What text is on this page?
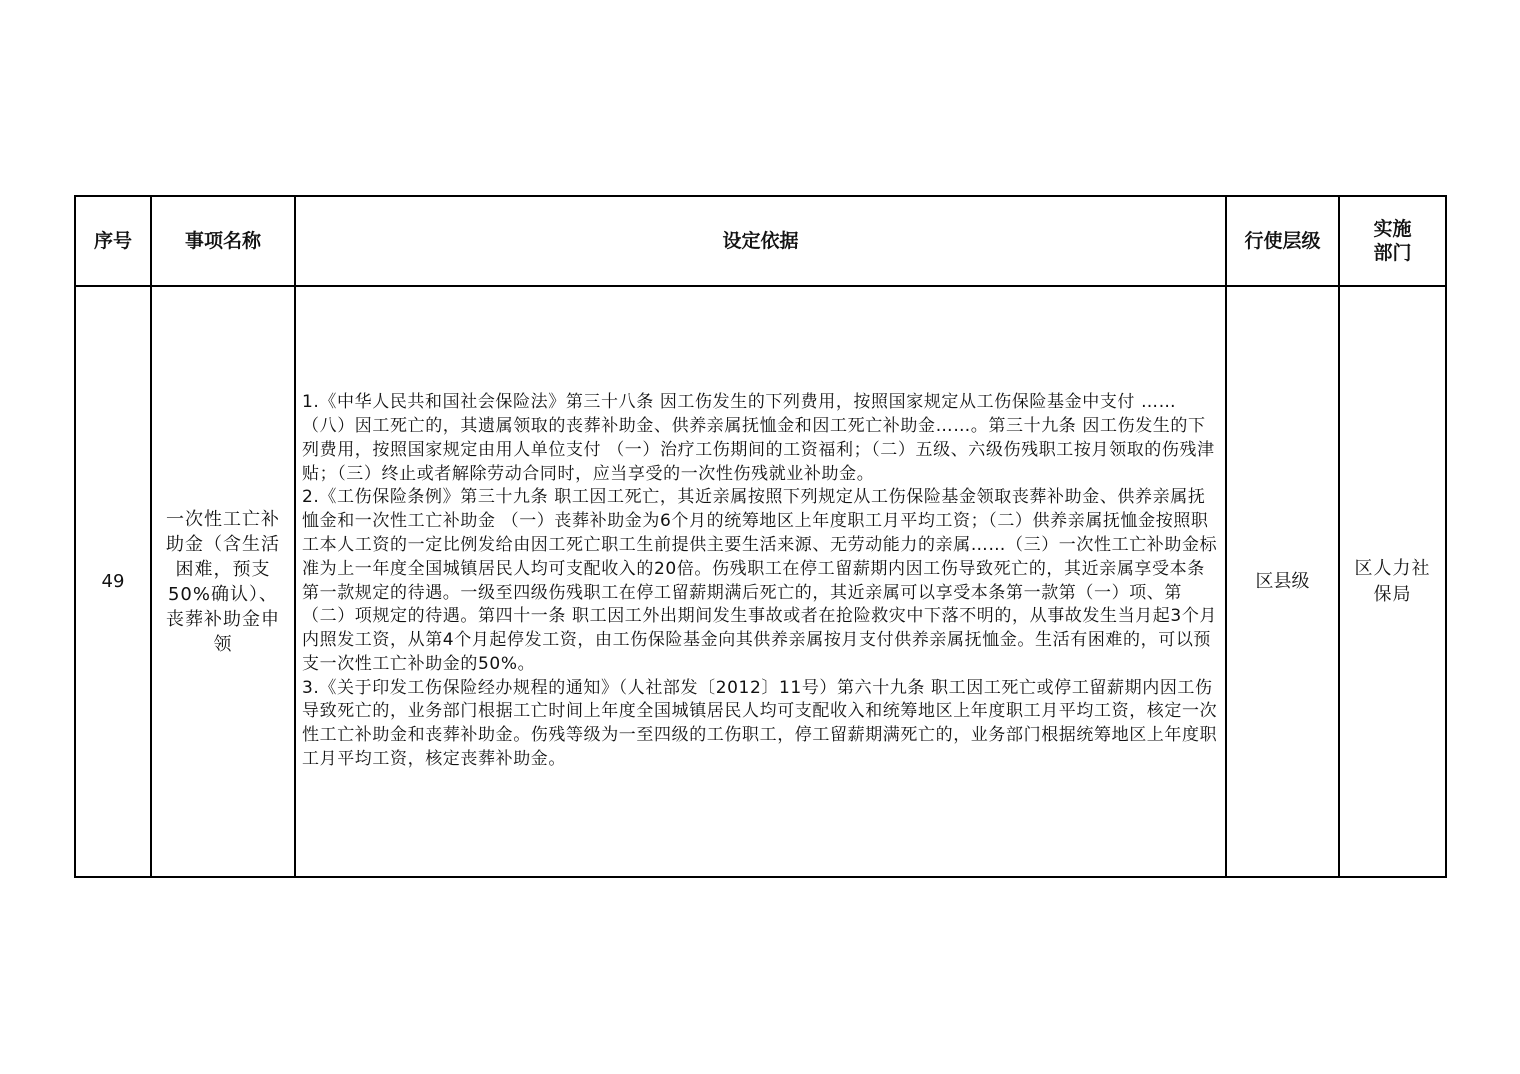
序号	事项名称	设定依据	行使层级	实施
部门

49	一次性工亡补助金（含生活困难，预支50%确认）、丧葬补助金申领	1.《中华人民共和国社会保险法》第三十八条 因工伤发生的下列费用，按照国家规定从工伤保险基金中支付 ……（八）因工死亡的，其遗属领取的丧葬补助金、供养亲属抚恤金和因工死亡补助金……。第三十九条 因工伤发生的下列费用，按照国家规定由用人单位支付 （一）治疗工伤期间的工资福利；（二）五级、六级伤残职工按月领取的伤残津贴；（三）终止或者解除劳动合同时，应当享受的一次性伤残就业补助金。
2.《工伤保险条例》第三十九条 职工因工死亡，其近亲属按照下列规定从工伤保险基金领取丧葬补助金、供养亲属抚恤金和一次性工亡补助金 （一）丧葬补助金为6个月的统筹地区上年度职工月平均工资；（二）供养亲属抚恤金按照职工本人工资的一定比例发给由因工死亡职工生前提供主要生活来源、无劳动能力的亲属……（三）一次性工亡补助金标准为上一年度全国城镇居民人均可支配收入的20倍。伤残职工在停工留薪期内因工伤导致死亡的，其近亲属享受本条第一款规定的待遇。一级至四级伤残职工在停工留薪期满后死亡的，其近亲属可以享受本条第一款第（一）项、第（二）项规定的待遇。第四十一条 职工因工外出期间发生事故或者在抢险救灾中下落不明的，从事故发生当月起3个月内照发工资，从第4个月起停发工资，由工伤保险基金向其供养亲属按月支付供养亲属抚恤金。生活有困难的，可以预支一次性工亡补助金的50%。
3.《关于印发工伤保险经办规程的通知》（人社部发〔2012〕11号）第六十九条 职工因工死亡或停工留薪期内因工伤导致死亡的，业务部门根据工亡时间上年度全国城镇居民人均可支配收入和统筹地区上年度职工月平均工资，核定一次性工亡补助金和丧葬补助金。伤残等级为一至四级的工伤职工，停工留薪期满死亡的，业务部门根据统筹地区上年度职工月平均工资，核定丧葬补助金。	区县级	区人力社保局
